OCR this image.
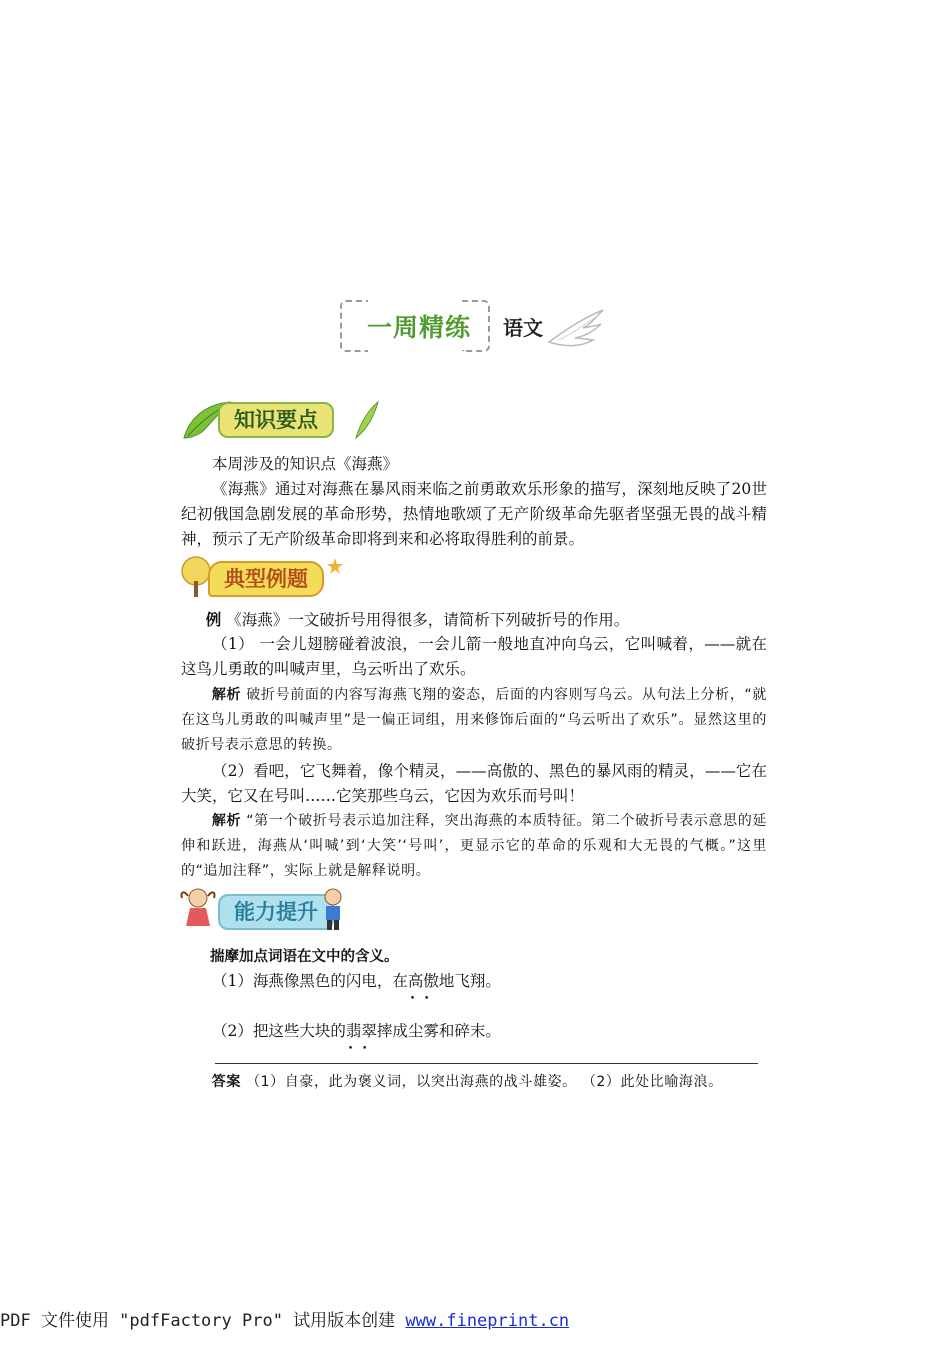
一周精练	语文
知识要点

本周涉及的知识点《海燕》

《海燕》通过对海燕在暴风雨来临之前勇敢欢乐形象的描写，深刻地反映了20世纪初俄国急剧发展的革命形势，热情地歌颂了无产阶级革命先驱者坚强无畏的战斗精神，预示了无产阶级革命即将到来和必将取得胜利的前景。

典型例题

例 《海燕》一文破折号用得很多，请简析下列破折号的作用。

（1） 一会儿翅膀碰着波浪，一会儿箭一般地直冲向乌云，它叫喊着，——就在这鸟儿勇敢的叫喊声里，乌云听出了欢乐。

解析 破折号前面的内容写海燕飞翔的姿态，后面的内容则写乌云。从句法上分析，“就在这鸟儿勇敢的叫喊声里”是一偏正词组，用来修饰后面的“乌云听出了欢乐”。显然这里的破折号表示意思的转换。

（2）看吧，它飞舞着，像个精灵，——高傲的、黑色的暴风雨的精灵，——它在大笑，它又在号叫……它笑那些乌云，它因为欢乐而号叫！

解析 “第一个破折号表示追加注释，突出海燕的本质特征。第二个破折号表示意思的延伸和跃进，海燕从‘叫喊’到‘大笑’‘号叫’，更显示它的革命的乐观和大无畏的气概。”这里的“追加注释”，实际上就是解释说明。

能力提升

揣摩加点词语在文中的含义。

（1）海燕像黑色的闪电，在高傲 • •地飞翔。

（2）把这些大块的翡翠 • •摔成尘雾和碎末。

答案 （1）自豪，此为褒义词，以突出海燕的战斗雄姿。 （2）此处比喻海浪。

PDF 文件使用 "pdfFactory Pro" 试用版本创建 www.fineprint.cn
